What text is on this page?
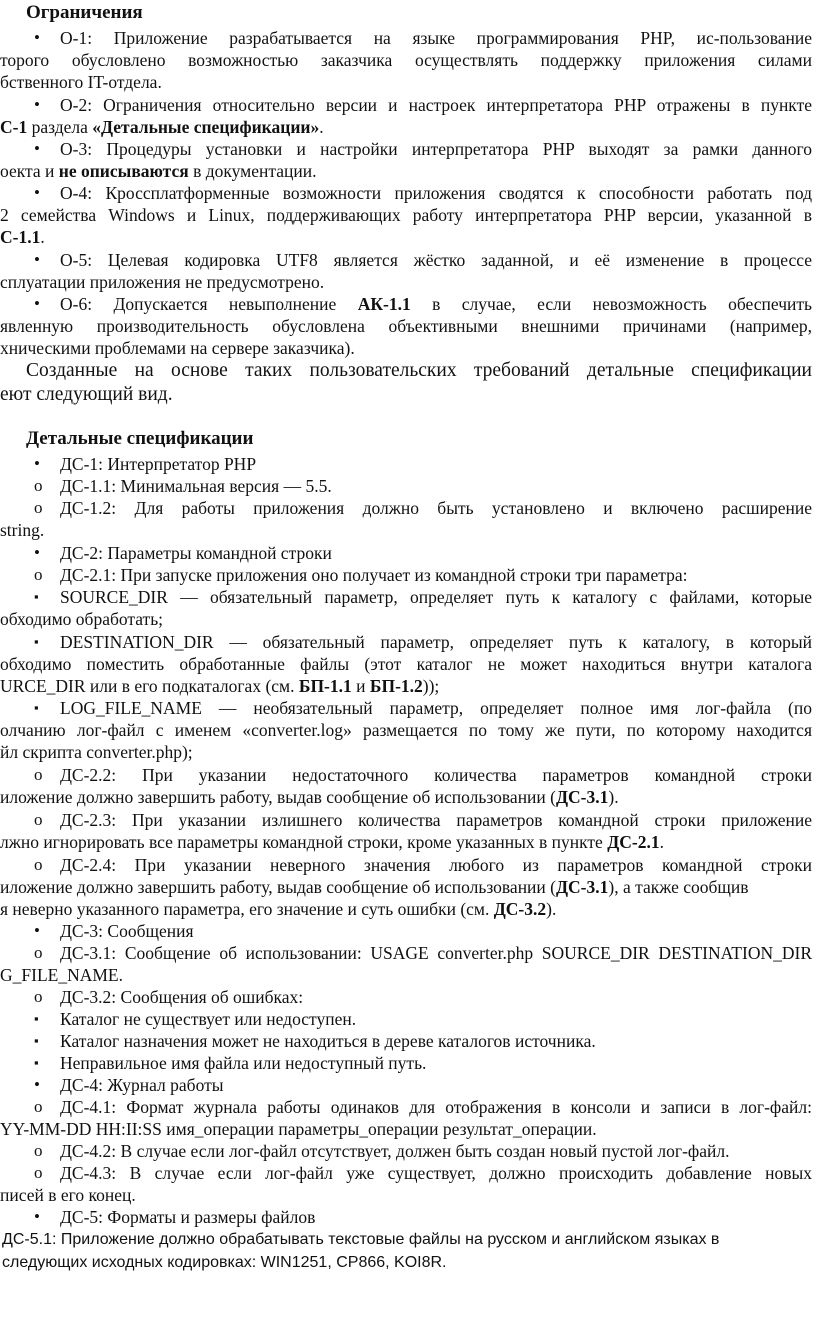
Ограничения
• О-1: Приложение разрабатывается на языке программирования PHP, ис-пользование
торого обусловлено возможностью заказчика осуществлять поддержку приложения силами
бственного IT-отдела.
• О-2: Ограничения относительно версии и настроек интерпретатора PHP отражены в пункте
С-1 раздела «Детальные спецификации».
• О-3: Процедуры установки и настройки интерпретатора PHP выходят за рамки данного
оекта и не описываются в документации.
• О-4: Кроссплатформенные возможности приложения сводятся к способности работать под
2 семейства Windows и Linux, поддерживающих работу интерпретатора PHP версии, указанной в
С-1.1.
• О-5: Целевая кодировка UTF8 является жёстко заданной, и её изменение в процессе
сплуатации приложения не предусмотрено.
• О-6: Допускается невыполнение АК-1.1 в случае, если невозможность обеспечить
явленную производительность обусловлена объективными внешними причинами (например,
хническими проблемами на сервере заказчика).
Созданные на основе таких пользовательских требований детальные спецификации
еют следующий вид.
Детальные спецификации
• ДС-1: Интерпретатор PHP
o ДС-1.1: Минимальная версия — 5.5.
o ДС-1.2: Для работы приложения должно быть установлено и включено расширение
string.
• ДС-2: Параметры командной строки
o ДС-2.1: При запуске приложения оно получает из командной строки три параметра:
▪ SOURCE_DIR — обязательный параметр, определяет путь к каталогу с файлами, которые
обходимо обработать;
▪ DESTINATION_DIR — обязательный параметр, определяет путь к каталогу, в который
обходимо поместить обработанные файлы (этот каталог не может находиться внутри каталога
URCE_DIR или в его подкаталогах (см. БП-1.1 и БП-1.2));
▪ LOG_FILE_NAME — необязательный параметр, определяет полное имя лог-файла (по
олчанию лог-файл с именем «converter.log» размещается по тому же пути, по которому находится
йл скрипта converter.php);
o ДС-2.2: При указании недостаточного количества параметров командной строки
иложение должно завершить работу, выдав сообщение об использовании (ДС-3.1).
o ДС-2.3: При указании излишнего количества параметров командной строки приложение
лжно игнорировать все параметры командной строки, кроме указанных в пункте ДС-2.1.
o ДС-2.4: При указании неверного значения любого из параметров командной строки
иложение должно завершить работу, выдав сообщение об использовании (ДС-3.1), а также сообщив
я неверно указанного параметра, его значение и суть ошибки (см. ДС-3.2).
• ДС-3: Сообщения
o ДС-3.1: Сообщение об использовании: USAGE converter.php SOURCE_DIR DESTINATION_DIR
G_FILE_NAME.
o ДС-3.2: Сообщения об ошибках:
▪ Каталог не существует или недоступен.
▪ Каталог назначения может не находиться в дереве каталогов источника.
▪ Неправильное имя файла или недоступный путь.
• ДС-4: Журнал работы
o ДС-4.1: Формат журнала работы одинаков для отображения в консоли и записи в лог-файл:
YY-MM-DD HH:II:SS имя_операции параметры_операции результат_операции.
o ДС-4.2: В случае если лог-файл отсутствует, должен быть создан новый пустой лог-файл.
o ДС-4.3: В случае если лог-файл уже существует, должно происходить добавление новых
писей в его конец.
• ДС-5: Форматы и размеры файлов
ДС-5.1: Приложение должно обрабатывать текстовые файлы на русском и английском языках в
следующих исходных кодировках: WIN1251, CP866, KOI8R.
